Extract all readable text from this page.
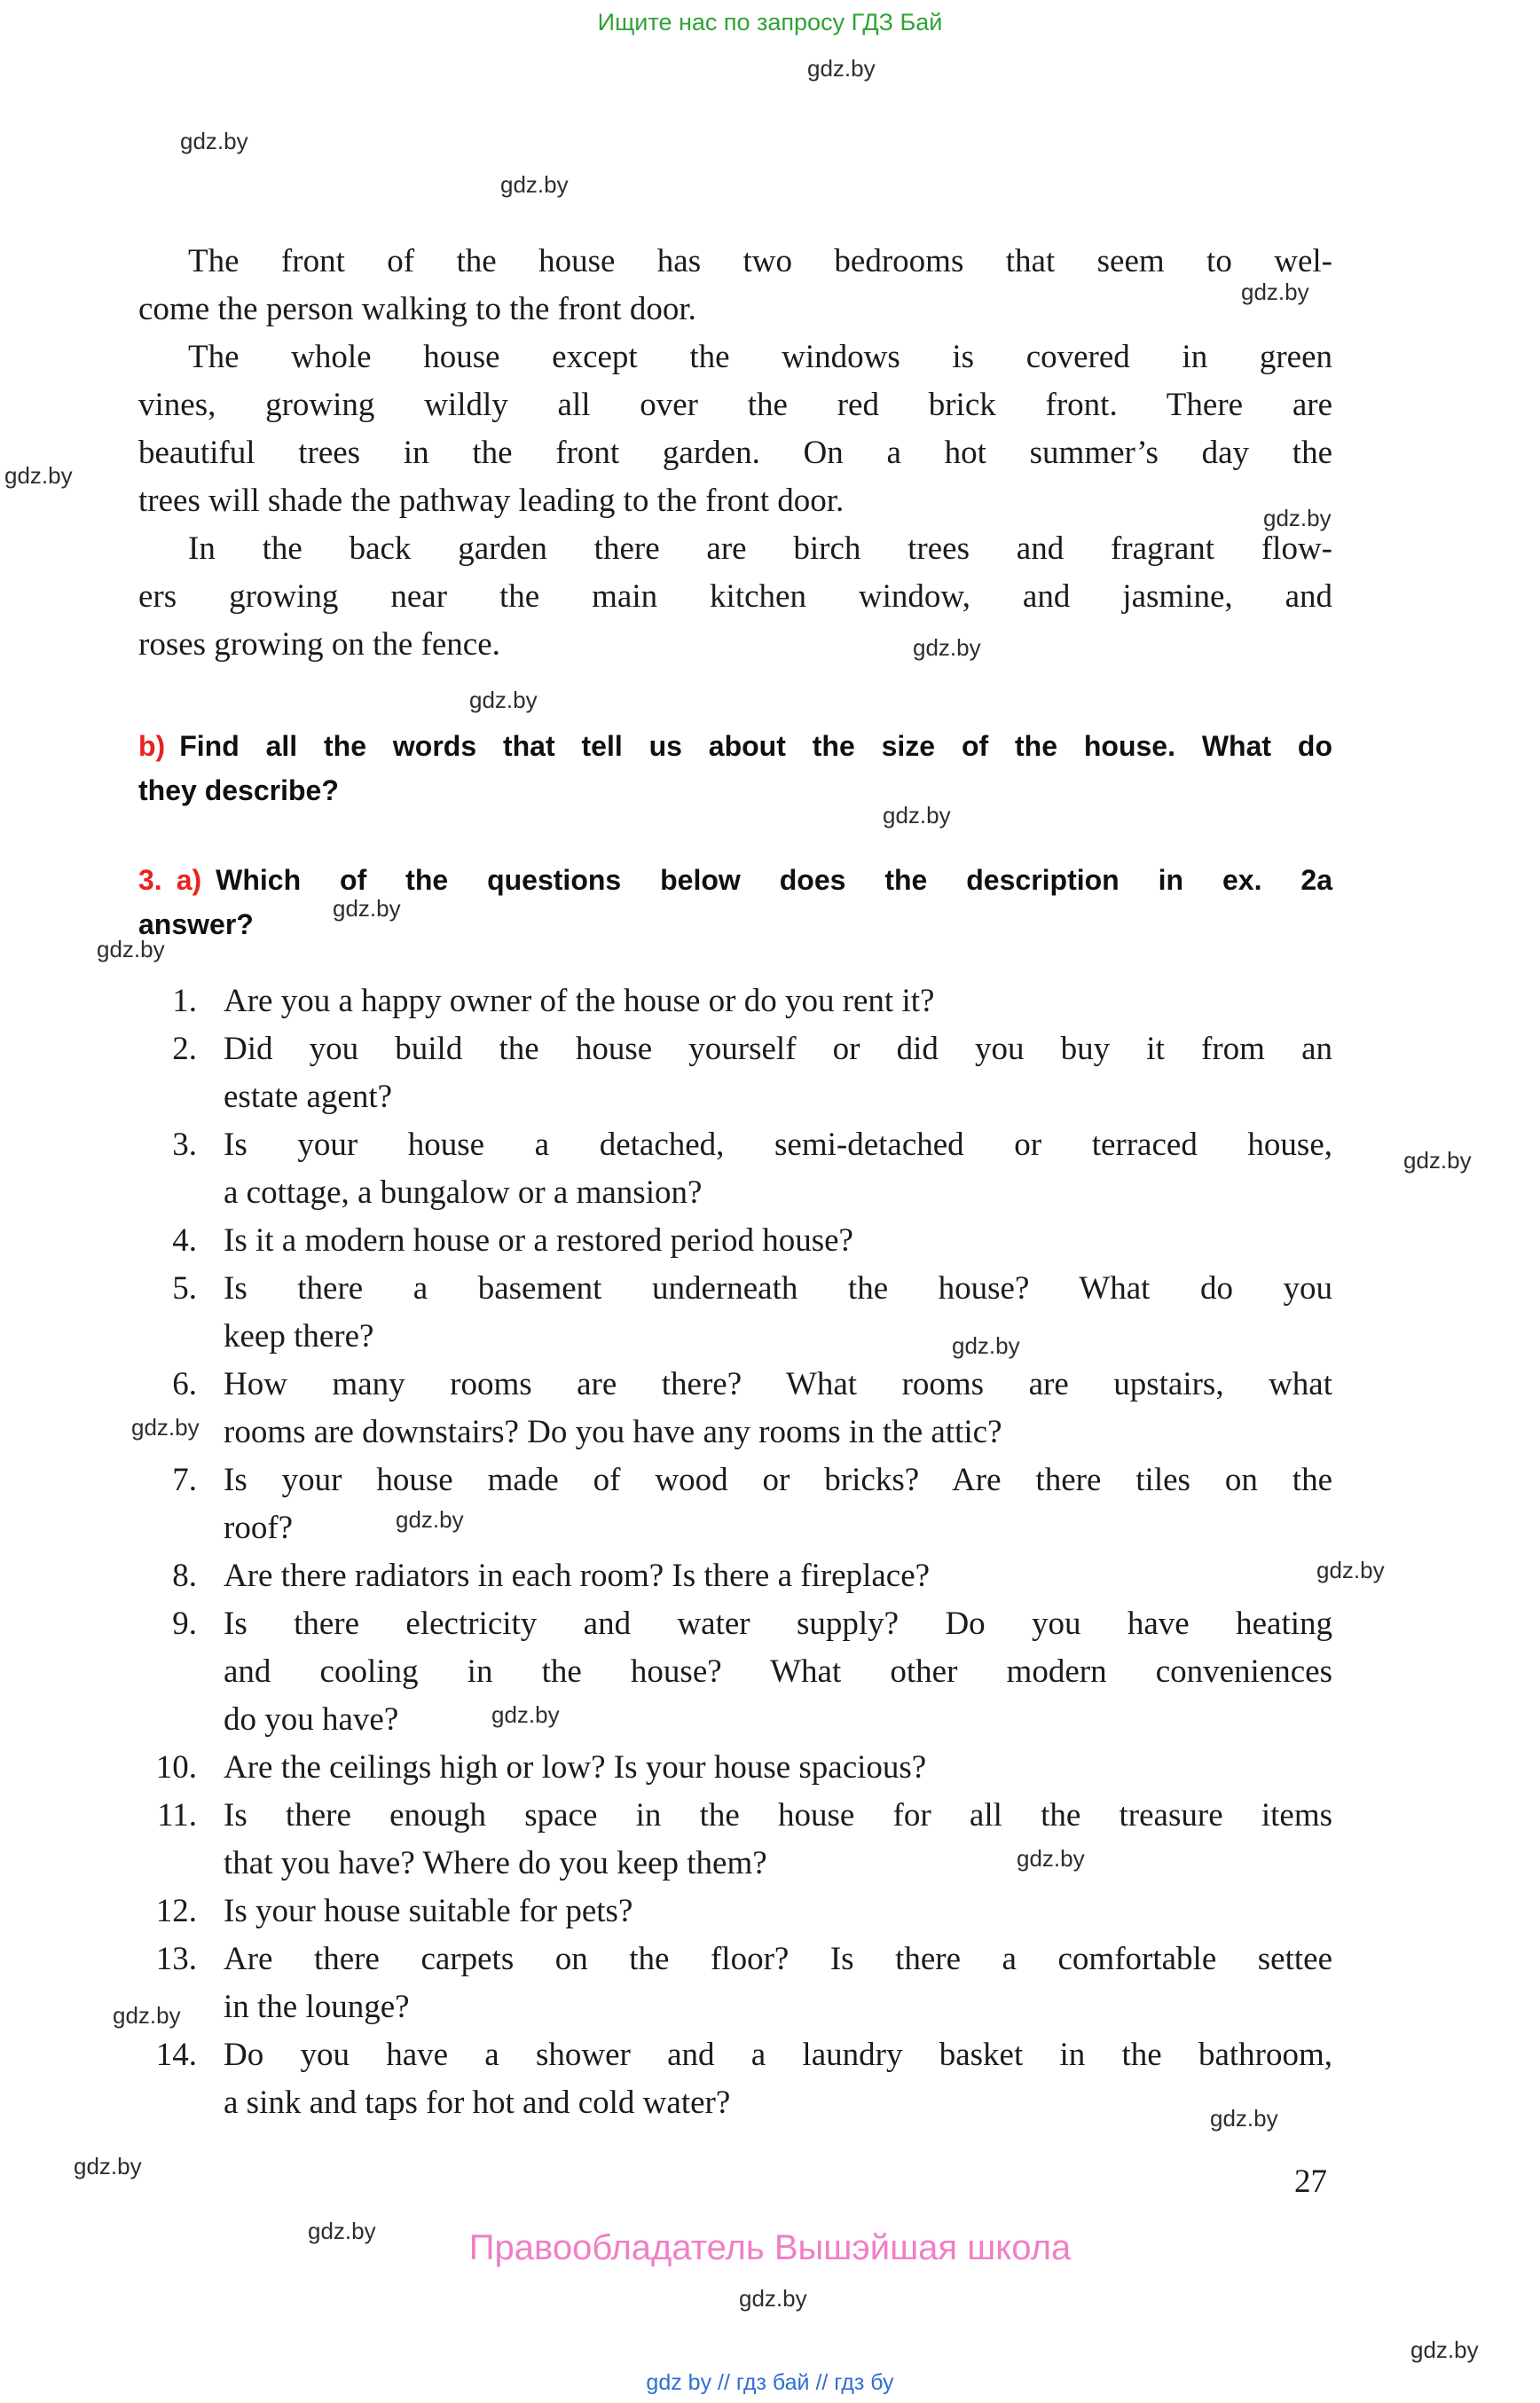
Ищите нас по запросу ГДЗ Бай
gdz.by
gdz.by
gdz.by
gdz.by
gdz.by
gdz.by
gdz.by
gdz.by
gdz.by
gdz.by
gdz.by
gdz.by
gdz.by
gdz.by
gdz.by
gdz.by
gdz.by
gdz.by
gdz.by
gdz.by
gdz.by
gdz.by
gdz.by
gdz.by
The front of the house has two bedrooms that seem to wel-
come the person walking to the front door.
The whole house except the windows is covered in green
vines, growing wildly all over the red brick front. There are
beautiful trees in the front garden. On a hot summer’s day the
trees will shade the pathway leading to the front door.
In the back garden there are birch trees and fragrant flow-
ers growing near the main kitchen window, and jasmine, and
roses growing on the fence.
b) Find all the words that tell us about the size of the house. What do
they describe?
3. a) Which of the questions below does the description in ex. 2a
answer?
1. Are you a happy owner of the house or do you rent it?
2. Did you build the house yourself or did you buy it from an
estate agent?
3. Is your house a detached, semi-detached or terraced house,
a cottage, a bungalow or a mansion?
4. Is it a modern house or a restored period house?
5. Is there a basement underneath the house? What do you
keep there?
6. How many rooms are there? What rooms are upstairs, what
rooms are downstairs? Do you have any rooms in the attic?
7. Is your house made of wood or bricks? Are there tiles on the
roof?
8. Are there radiators in each room? Is there a fireplace?
9. Is there electricity and water supply? Do you have heating
and cooling in the house? What other modern conveniences
do you have?
10. Are the ceilings high or low? Is your house spacious?
11. Is there enough space in the house for all the treasure items
that you have? Where do you keep them?
12. Is your house suitable for pets?
13. Are there carpets on the floor? Is there a comfortable settee
in the lounge?
14. Do you have a shower and a laundry basket in the bathroom,
a sink and taps for hot and cold water?
27
Правообладатель Вышэйшая школа
gdz by // гдз бай // гдз бу
